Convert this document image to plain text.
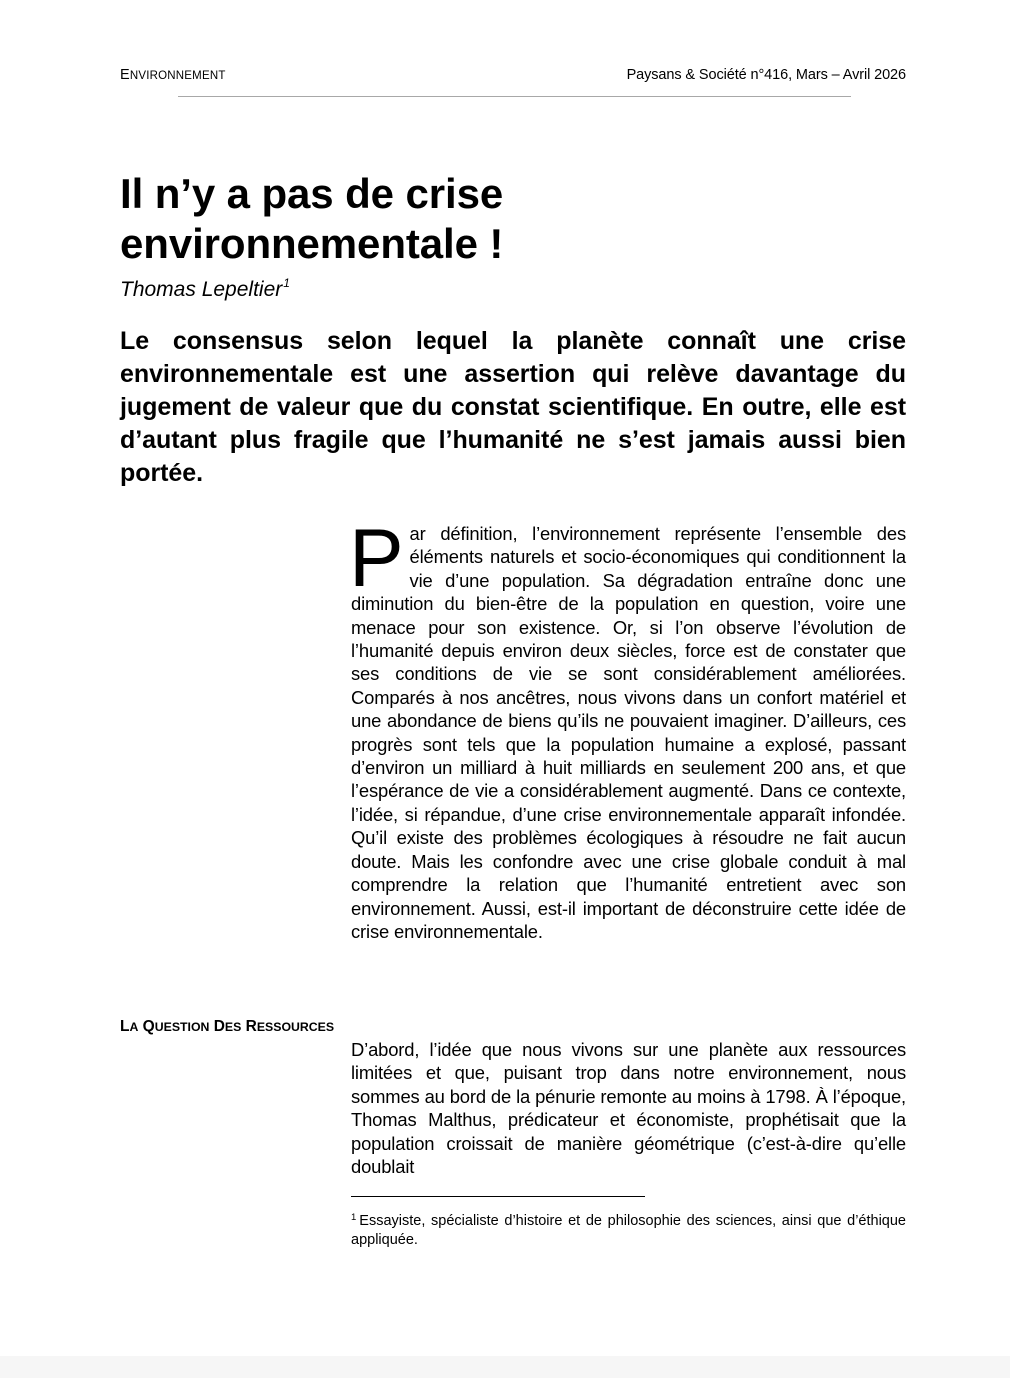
ENVIRONNEMENT	Paysans & Société n°416, Mars – Avril 2026
Il n’y a pas de crise environnementale !
Thomas Lepeltier$^1$

Le consensus selon lequel la planète connaît une crise environnementale est une assertion qui relève davantage du jugement de valeur que du constat scientifique. En outre, elle est d’autant plus fragile que l’humanité ne s’est jamais aussi bien portée.

Par définition, l’environnement représente l’ensemble des éléments naturels et socio-économiques qui conditionnent la vie d’une population. Sa dégradation entraîne donc une diminution du bien-être de la population en question, voire une menace pour son existence. Or, si l’on observe l’évolution de l’humanité depuis environ deux siècles, force est de constater que ses conditions de vie se sont considérablement améliorées. Comparés à nos ancêtres, nous vivons dans un confort matériel et une abondance de biens qu’ils ne pouvaient imaginer. D’ailleurs, ces progrès sont tels que la population humaine a explosé, passant d’environ un milliard à huit milliards en seulement 200 ans, et que l’espérance de vie a considérablement augmenté. Dans ce contexte, l’idée, si répandue, d’une crise environnementale apparaît infondée. Qu’il existe des problèmes écologiques à résoudre ne fait aucun doute. Mais les confondre avec une crise globale conduit à mal comprendre la relation que l’humanité entretient avec son environnement. Aussi, est-il important de déconstruire cette idée de crise environnementale.

LA QUESTION DES RESSOURCES

D’abord, l’idée que nous vivons sur une planète aux ressources limitées et que, puisant trop dans notre environnement, nous sommes au bord de la pénurie remonte au moins à 1798. À l’époque, Thomas Malthus, prédicateur et économiste, prophétisait que la population croissait de manière géométrique (c’est-à-dire qu’elle doublait

$^1$ Essayiste, spécialiste d’histoire et de philosophie des sciences, ainsi que d’éthique appliquée.
